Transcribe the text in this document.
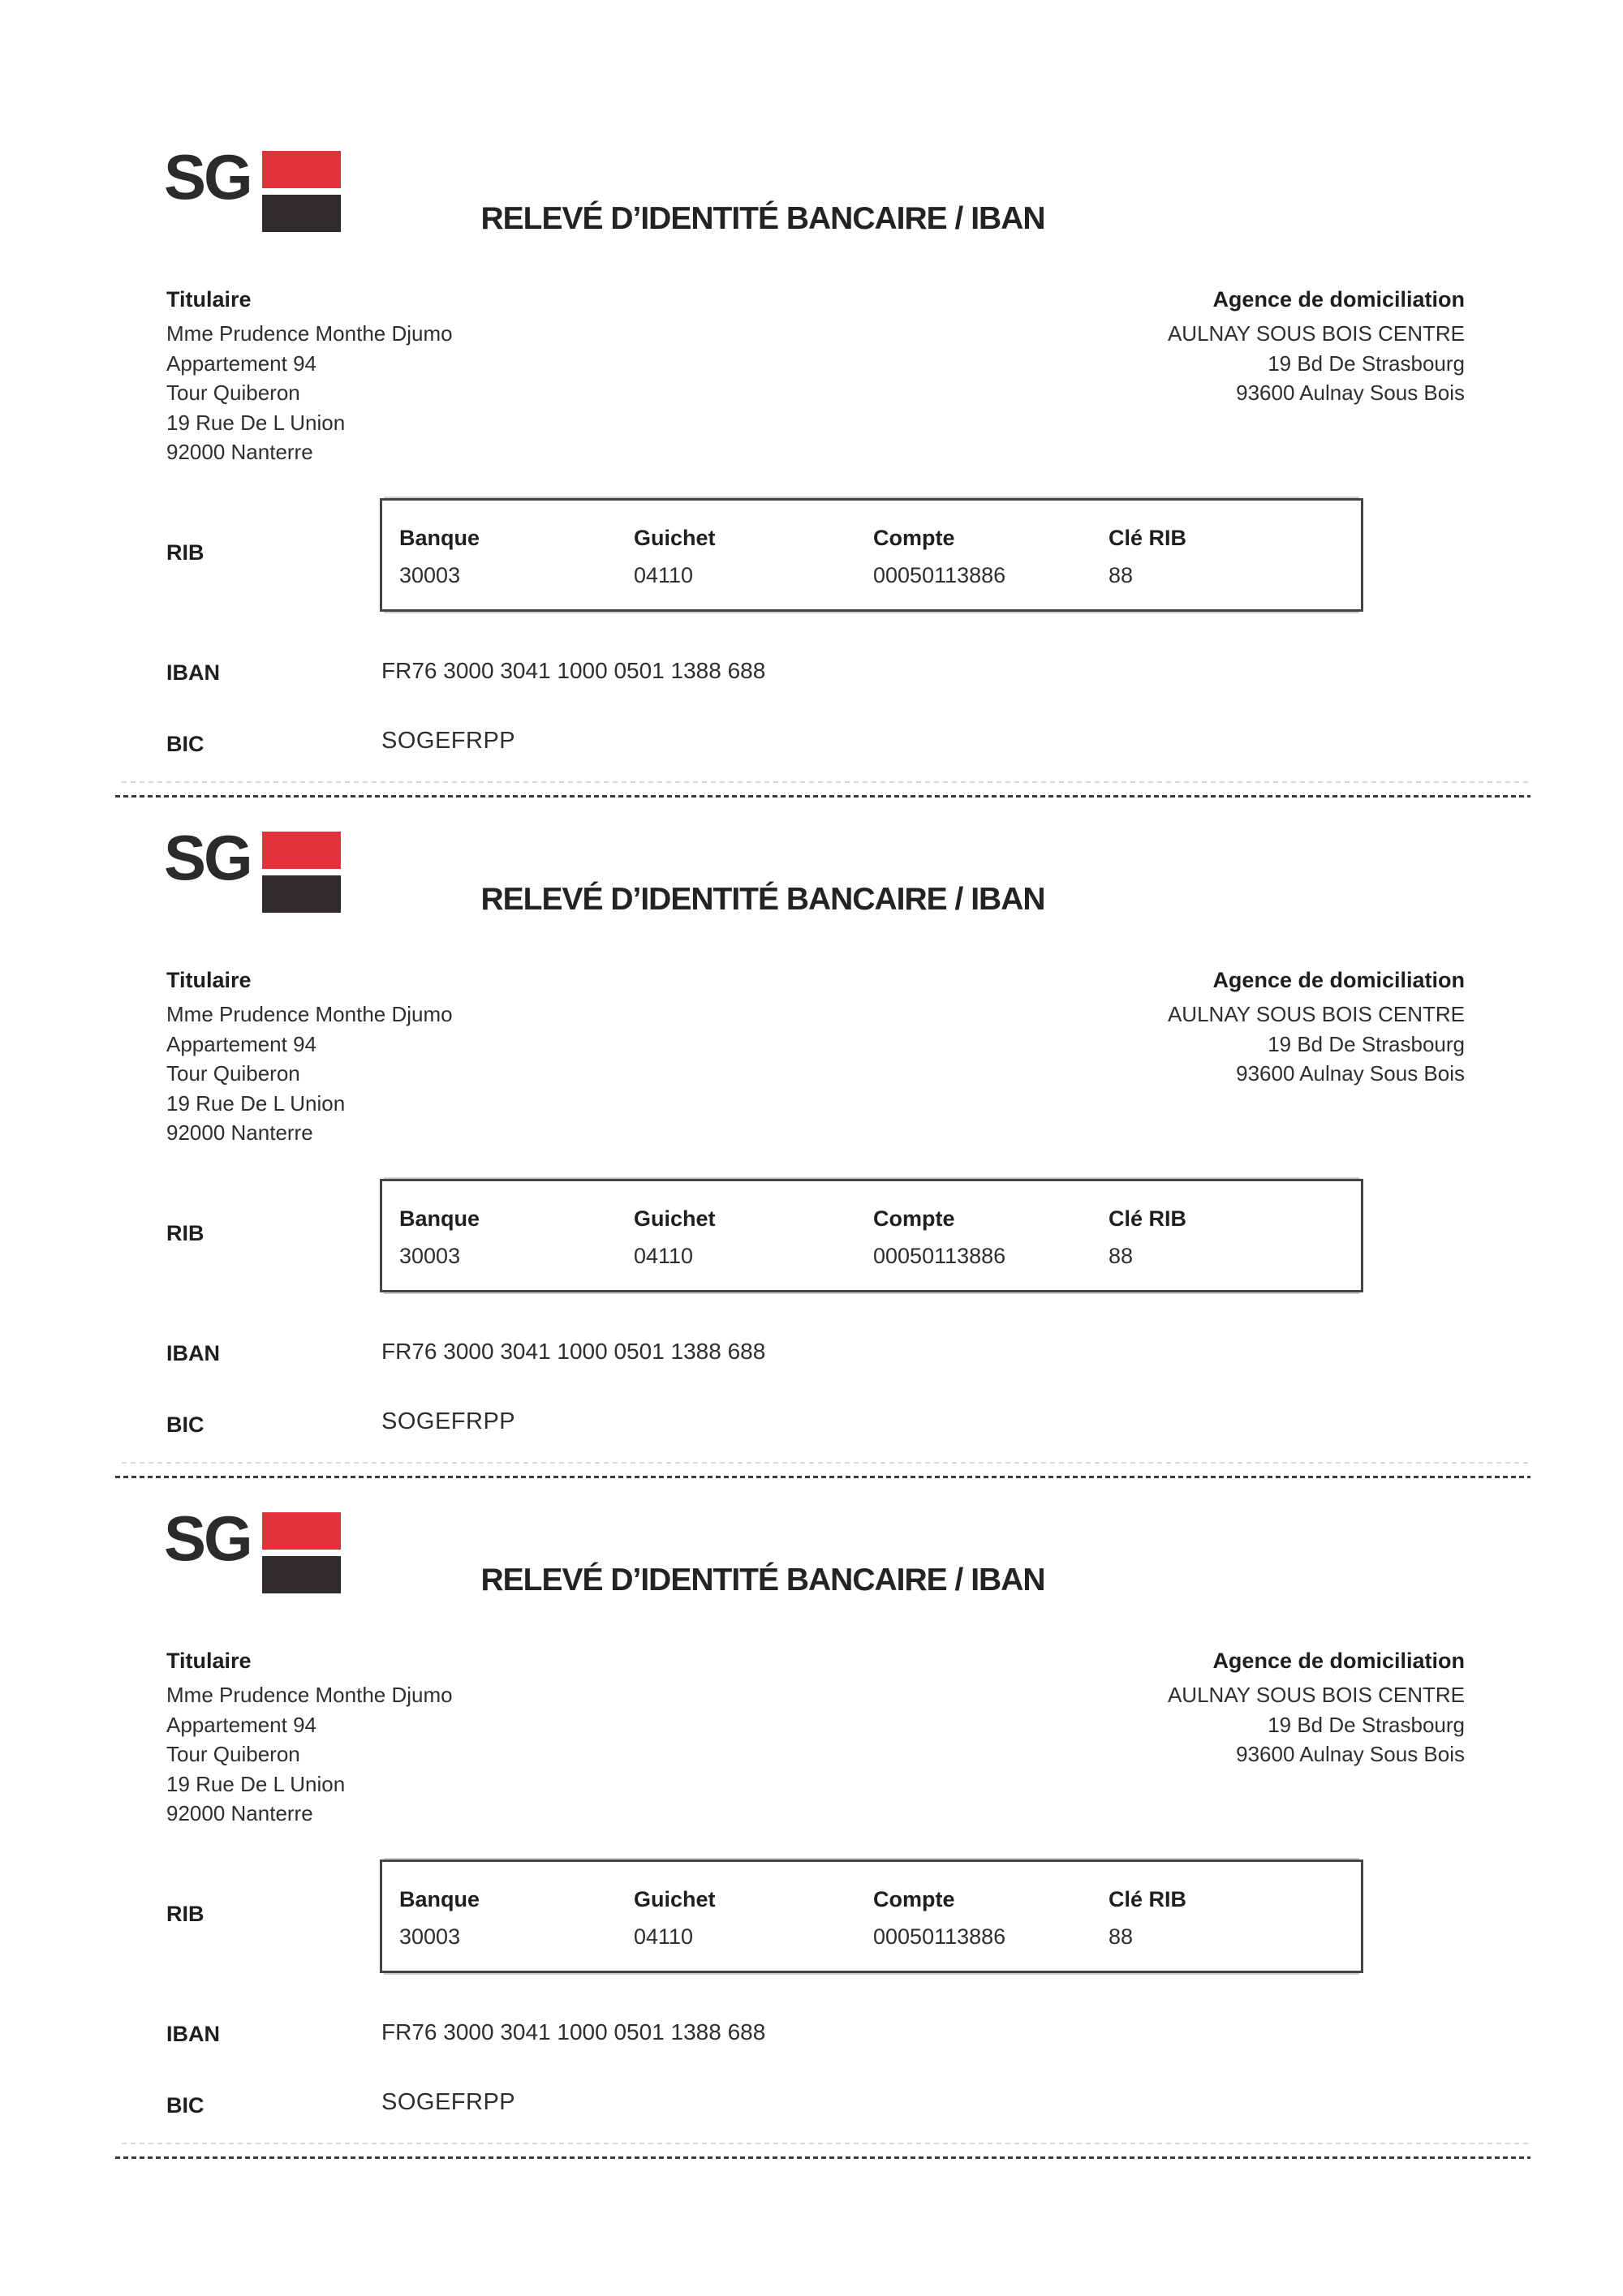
SG
RELEVÉ D’IDENTITÉ BANCAIRE / IBAN
Titulaire
Mme Prudence Monthe Djumo
Appartement 94
Tour Quiberon
19 Rue De L Union
92000 Nanterre
Agence de domiciliation
AULNAY SOUS BOIS CENTRE
19 Bd De Strasbourg
93600 Aulnay Sous Bois
RIB
Banque	Guichet	Compte	Clé RIB
30003	04110	00050113886	88
IBAN	FR76 3000 3041 1000 0501 1388 688
BIC	SOGEFRPP
SG
RELEVÉ D’IDENTITÉ BANCAIRE / IBAN
Titulaire
Mme Prudence Monthe Djumo
Appartement 94
Tour Quiberon
19 Rue De L Union
92000 Nanterre
Agence de domiciliation
AULNAY SOUS BOIS CENTRE
19 Bd De Strasbourg
93600 Aulnay Sous Bois
RIB
Banque	Guichet	Compte	Clé RIB
30003	04110	00050113886	88
IBAN	FR76 3000 3041 1000 0501 1388 688
BIC	SOGEFRPP
SG
RELEVÉ D’IDENTITÉ BANCAIRE / IBAN
Titulaire
Mme Prudence Monthe Djumo
Appartement 94
Tour Quiberon
19 Rue De L Union
92000 Nanterre
Agence de domiciliation
AULNAY SOUS BOIS CENTRE
19 Bd De Strasbourg
93600 Aulnay Sous Bois
RIB
Banque	Guichet	Compte	Clé RIB
30003	04110	00050113886	88
IBAN	FR76 3000 3041 1000 0501 1388 688
BIC	SOGEFRPP
